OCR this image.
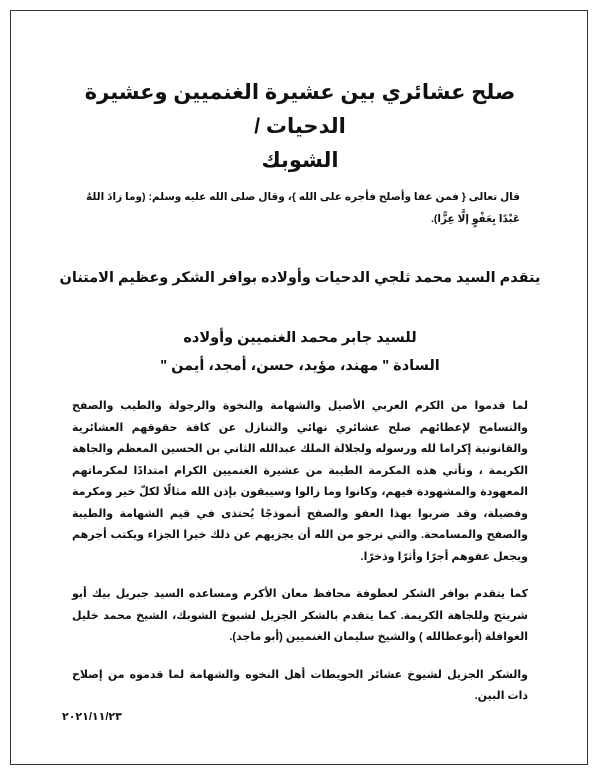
صلح عشائري بين عشيرة الغنميين وعشيرة الدحيات /
الشوبك
قال تعالى { فمن عفا وأصلح فأجره على الله }، وقال صلى الله عليه وسلم: (وما زادَ اللهُ عَبْدًا بِعَفْوٍ إلَّا عِزًّا).
يتقدم السيد محمد ثلجي الدحيات وأولاده بوافر الشكر وعظيم الامتنان
للسيد جابر محمد الغنميين وأولاده
السادة " مهند، مؤيد، حسن، أمجد، أيمن "
لما قدموا من الكرم العربي الأصيل والشهامة والنخوة والرجولة والطيب والصفح والتسامح لإعطائهم صلح عشائري نهائي والتنازل عن كافة حقوقهم العشائرية والقانونية إكراما لله ورسوله ولجلالة الملك عبدالله الثاني بن الحسين المعظم والجاهة الكريمة ، وتأتي هذه المكرمة الطيبة من عشيرة الغنميين الكرام امتدادًا لمكرماتهم المعهودة والمشهودة فيهم، وكانوا وما زالوا وسيبقون بإذن الله مثالًا لكلّ خير ومكرمة وفضيلة، وقد ضربوا بهذا العفو والصفح أنموذجًا يُحتذى في قيم الشهامة والطيبة والصفح والمسامحة. والتي نرجو من الله أن يجزيهم عن ذلك خيرا الجزاء ويكتب أجرهم ويجعل عفوهم أجرًا وأثرًا وذخرًا.
كما يتقدم بوافر الشكر لعطوفة محافظ معان الأكرم ومساعده السيد جبريل بيك أبو شريتح وللجاهة الكريمة. كما يتقدم بالشكر الجزيل لشيوخ الشوبك، الشيخ محمد خليل الغوافلة (أبوعطالله ) والشيخ سليمان الغنميين (أبو ماجد).
والشكر الجزيل لشيوخ عشائر الحويطات أهل النخوه والشهامة لما قدموه من إصلاح ذات البين.
٢٠٢١/١١/٢٣
